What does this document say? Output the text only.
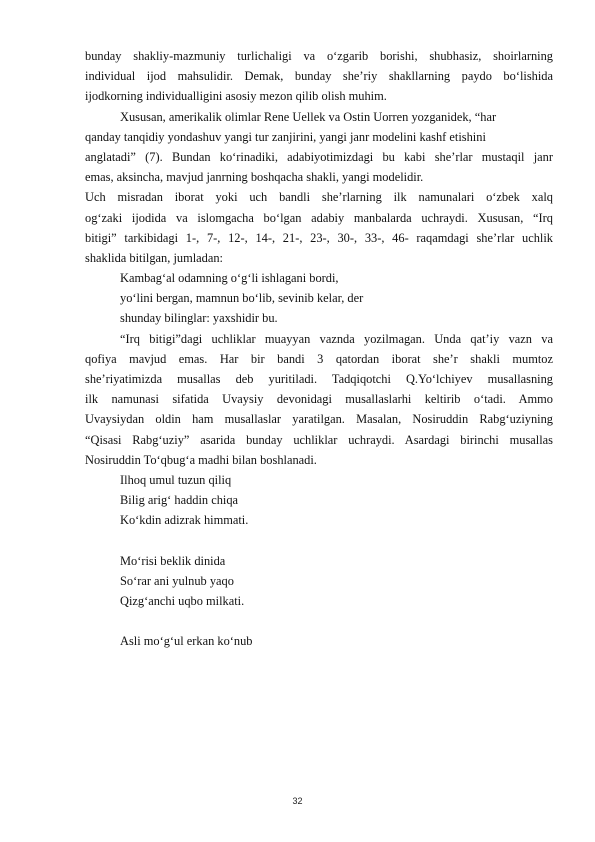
bunday shakliy-mazmuniy turlichaligi va o‘zgarib borishi, shubhasiz, shoirlarning
individual ijod mahsulidir. Demak, bunday she’riy shakllarning paydo bo‘lishida
ijodkorning individualligini asosiy mezon qilib olish muhim.
Xususan, amerikalik olimlar Rene Uellek va Ostin Uorren yozganidek, “har
qanday tanqidiy yondashuv yangi tur zanjirini, yangi janr modelini kashf etishini
anglatadi” (7). Bundan ko‘rinadiki, adabiyotimizdagi bu kabi she’rlar mustaqil janr
emas, aksincha, mavjud janrning boshqacha shakli, yangi modelidir.
Uch misradan iborat yoki uch bandli she’rlarning ilk namunalari o‘zbek xalq
og‘zaki ijodida va islomgacha bo‘lgan adabiy manbalarda uchraydi. Xususan, “Irq
bitigi” tarkibidagi 1-, 7-, 12-, 14-, 21-, 23-, 30-, 33-, 46- raqamdagi she’rlar uchlik
shaklida bitilgan, jumladan:
Kambag‘al odamning o‘g‘li ishlagani bordi,
yo‘lini bergan, mamnun bo‘lib, sevinib kelar, der
shunday bilinglar: yaxshidir bu.
“Irq bitigi”dagi uchliklar muayyan vaznda yozilmagan. Unda qat’iy vazn va
qofiya mavjud emas. Har bir bandi 3 qatordan iborat she’r shakli mumtoz
she’riyatimizda musallas deb yuritiladi. Tadqiqotchi Q.Yo‘lchiyev musallasning
ilk namunasi sifatida Uvaysiy devonidagi musallaslarhi keltirib o‘tadi. Ammo
Uvaysiydan oldin ham musallaslar yaratilgan. Masalan, Nosiruddin Rabg‘uziyning
“Qisasi Rabg‘uziy” asarida bunday uchliklar uchraydi. Asardagi birinchi musallas
Nosiruddin To‘qbug‘a madhi bilan boshlanadi.
Ilhoq umul tuzun qiliq
Bilig arig‘ haddin chiqa
Ko‘kdin adizrak himmati.
Mo‘risi beklik dinida
So‘rar ani yulnub yaqo
Qizg‘anchi uqbo milkati.
Asli mo‘g‘ul erkan ko‘nub
32
